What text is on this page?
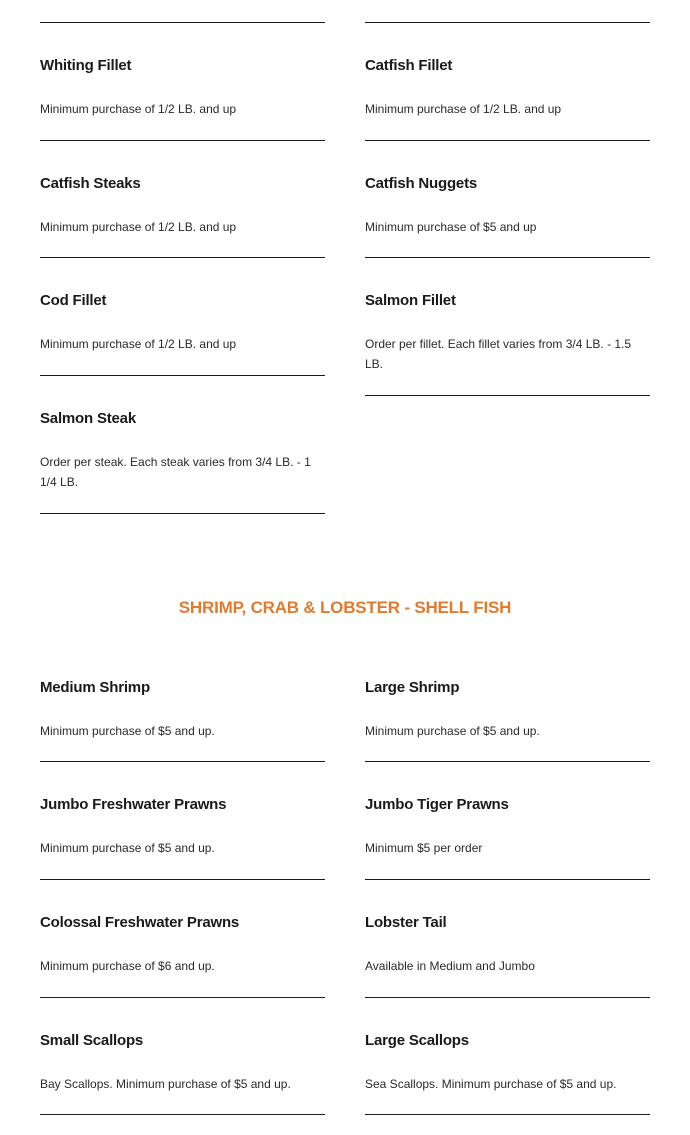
Whiting Fillet
Minimum purchase of 1/2 LB. and up
Catfish Steaks
Minimum purchase of 1/2 LB. and up
Cod Fillet
Minimum purchase of 1/2 LB. and up
Salmon Steak
Order per steak. Each steak varies from 3/4 LB. - 1 1/4 LB.
Catfish Fillet
Minimum purchase of 1/2 LB. and up
Catfish Nuggets
Minimum purchase of $5 and up
Salmon Fillet
Order per fillet. Each fillet varies from 3/4 LB. - 1.5 LB.
SHRIMP, CRAB & LOBSTER - SHELL FISH
Medium Shrimp
Minimum purchase of $5 and up.
Jumbo Freshwater Prawns
Minimum purchase of $5 and up.
Colossal Freshwater Prawns
Minimum purchase of $6 and up.
Small Scallops
Bay Scallops. Minimum purchase of $5 and up.
Large Shrimp
Minimum purchase of $5 and up.
Jumbo Tiger Prawns
Minimum $5 per order
Lobster Tail
Available in Medium and Jumbo
Large Scallops
Sea Scallops. Minimum purchase of $5 and up.
